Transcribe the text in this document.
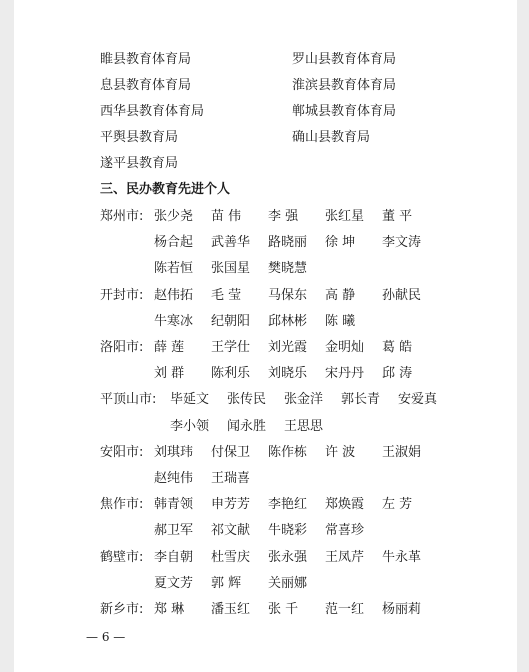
睢县教育体育局	罗山县教育体育局
息县教育体育局	淮滨县教育体育局
西华县教育体育局	郸城县教育体育局
平舆县教育局	确山县教育局
遂平县教育局
三、民办教育先进个人
郑州市: 张少尧 苗 伟 李 强 张红星 董 平
杨合起 武善华 路晓丽 徐 坤 李文涛
陈若恒 张国星 樊晓慧
开封市: 赵伟拓 毛 莹 马保东 高 静 孙献民
牛寒冰 纪朝阳 邱林彬 陈 曦
洛阳市: 薛 莲 王学仕 刘光霞 金明灿 葛 皓
刘 群 陈利乐 刘晓乐 宋丹丹 邱 涛
平顶山市: 毕延文 张传民 张金洋 郭长青 安爱真
李小领 闻永胜 王思思
安阳市: 刘琪玮 付保卫 陈作栋 许 波 王淑娟
赵纯伟 王瑞喜
焦作市: 韩青领 申芳芳 李艳红 郑焕霞 左 芳
郝卫军 祁文献 牛晓彩 常喜珍
鹤壁市: 李自朝 杜雪庆 张永强 王凤芹 牛永革
夏文芳 郭 辉 关丽娜
新乡市: 郑 琳 潘玉红 张 千 范一红 杨丽莉
— 6 —
